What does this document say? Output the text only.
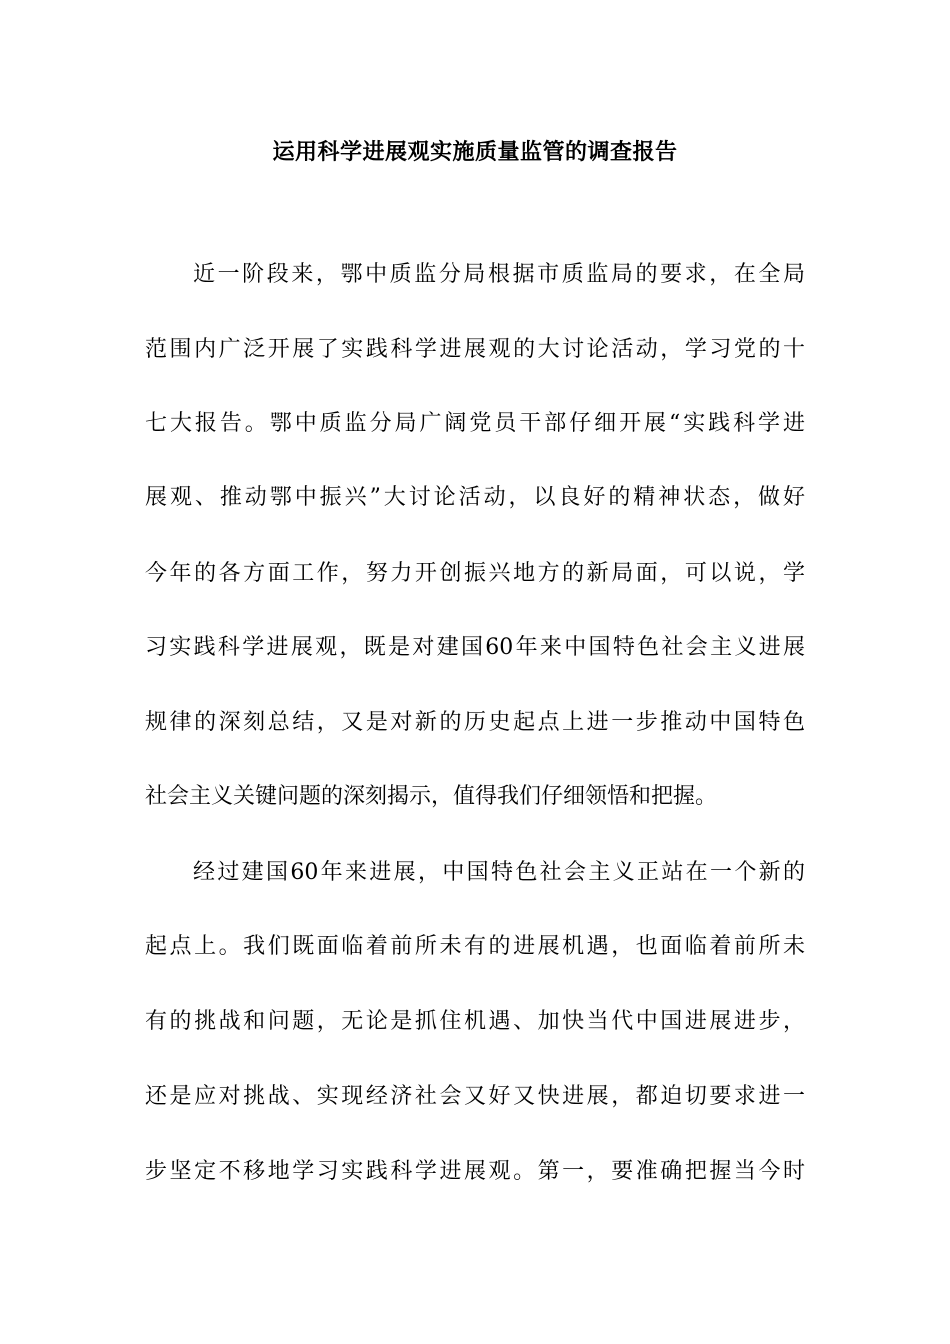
运用科学进展观实施质量监管的调查报告
近一阶段来，鄂中质监分局根据市质监局的要求，在全局
范围内广泛开展了实践科学进展观的大讨论活动，学习党的十
七大报告。鄂中质监分局广阔党员干部仔细开展“实践科学进
展观、推动鄂中振兴”大讨论活动，以良好的精神状态，做好
今年的各方面工作，努力开创振兴地方的新局面，可以说，学
习实践科学进展观，既是对建国60年来中国特色社会主义进展
规律的深刻总结，又是对新的历史起点上进一步推动中国特色
社会主义关键问题的深刻揭示，值得我们仔细领悟和把握。
经过建国60年来进展，中国特色社会主义正站在一个新的
起点上。我们既面临着前所未有的进展机遇，也面临着前所未
有的挑战和问题，无论是抓住机遇、加快当代中国进展进步，
还是应对挑战、实现经济社会又好又快进展，都迫切要求进一
步坚定不移地学习实践科学进展观。第一，要准确把握当今时
